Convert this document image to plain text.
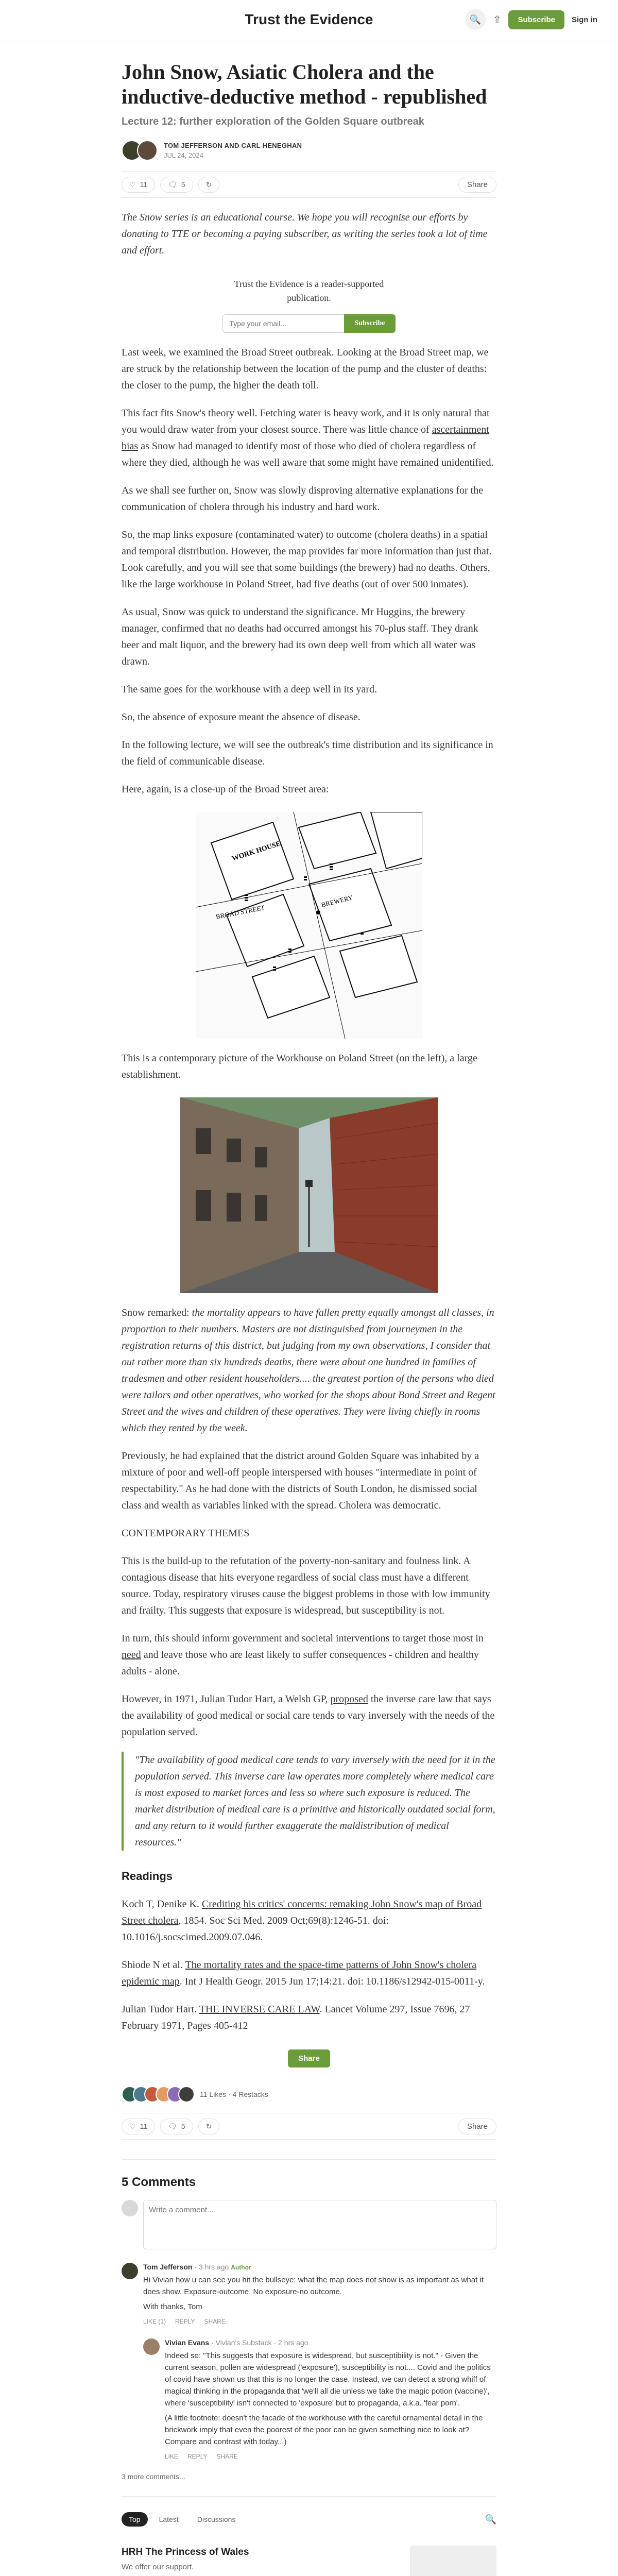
Trust the Evidence	🔍	⇧	Subscribe	Sign in
John Snow, Asiatic Cholera and the inductive-deductive method - republished
Lecture 12: further exploration of the Golden Square outbreak
TOM JEFFERSON AND CARL HENEGHAN
JUL 24, 2024
♡ 11	🗨 5	↻	Share

The Snow series is an educational course. We hope you will recognise our efforts by donating to TTE or becoming a paying subscriber, as writing the series took a lot of time and effort.

Trust the Evidence is a reader-supported publication.
Type your email...
Subscribe

Last week, we examined the Broad Street outbreak. Looking at the Broad Street map, we are struck by the relationship between the location of the pump and the cluster of deaths: the closer to the pump, the higher the death toll.

This fact fits Snow's theory well. Fetching water is heavy work, and it is only natural that you would draw water from your closest source. There was little chance of ascertainment bias as Snow had managed to identify most of those who died of cholera regardless of where they died, although he was well aware that some might have remained unidentified.

As we shall see further on, Snow was slowly disproving alternative explanations for the communication of cholera through his industry and hard work.

So, the map links exposure (contaminated water) to outcome (cholera deaths) in a spatial and temporal distribution. However, the map provides far more information than just that. Look carefully, and you will see that some buildings (the brewery) had no deaths. Others, like the large workhouse in Poland Street, had five deaths (out of over 500 inmates).

As usual, Snow was quick to understand the significance. Mr Huggins, the brewery manager, confirmed that no deaths had occurred amongst his 70-plus staff. They drank beer and malt liquor, and the brewery had its own deep well from which all water was drawn.

The same goes for the workhouse with a deep well in its yard.

So, the absence of exposure meant the absence of disease.

In the following lecture, we will see the outbreak's time distribution and its significance in the field of communicable disease.

Here, again, is a close-up of the Broad Street area:

WORK HOUSE
BROAD STREET
BREWERY

This is a contemporary picture of the Workhouse on Poland Street (on the left), a large establishment.

Snow remarked: the mortality appears to have fallen pretty equally amongst all classes, in proportion to their numbers. Masters are not distinguished from journeymen in the registration returns of this district, but judging from my own observations, I consider that out rather more than six hundreds deaths, there were about one hundred in families of tradesmen and other resident householders.... the greatest portion of the persons who died were tailors and other operatives, who worked for the shops about Bond Street and Regent Street and the wives and children of these operatives. They were living chiefly in rooms which they rented by the week.

Previously, he had explained that the district around Golden Square was inhabited by a mixture of poor and well-off people interspersed with houses "intermediate in point of respectability." As he had done with the districts of South London, he dismissed social class and wealth as variables linked with the spread. Cholera was democratic.

CONTEMPORARY THEMES

This is the build-up to the refutation of the poverty-non-sanitary and foulness link. A contagious disease that hits everyone regardless of social class must have a different source. Today, respiratory viruses cause the biggest problems in those with low immunity and frailty. This suggests that exposure is widespread, but susceptibility is not.

In turn, this should inform government and societal interventions to target those most in need and leave those who are least likely to suffer consequences - children and healthy adults - alone.

However, in 1971, Julian Tudor Hart, a Welsh GP, proposed the inverse care law that says the availability of good medical or social care tends to vary inversely with the needs of the population served.

"The availability of good medical care tends to vary inversely with the need for it in the population served. This inverse care law operates more completely where medical care is most exposed to market forces and less so where such exposure is reduced. The market distribution of medical care is a primitive and historically outdated social form, and any return to it would further exaggerate the maldistribution of medical resources."

Readings

Koch T, Denike K. Crediting his critics' concerns: remaking John Snow's map of Broad Street cholera, 1854. Soc Sci Med. 2009 Oct;69(8):1246-51. doi: 10.1016/j.socscimed.2009.07.046.

Shiode N et al. The mortality rates and the space-time patterns of John Snow's cholera epidemic map. Int J Health Geogr. 2015 Jun 17;14:21. doi: 10.1186/s12942-015-0011-y.

Julian Tudor Hart. THE INVERSE CARE LAW. Lancet Volume 297, Issue 7696, 27 February 1971, Pages 405-412

Share
11 Likes · 4 Restacks
♡ 11	🗨 5	↻	Share
5 Comments
Write a comment...
Tom Jefferson · 3 hrs ago Author
Hi Vivian how u can see you hit the bullseye: what the map does not show is as important as what it does show. Exposure-outcome. No exposure-no outcome.
With thanks, Tom
LIKE (1) REPLY SHARE
Vivian Evans · Vivian's Substack · 2 hrs ago
Indeed so: "This suggests that exposure is widespread, but susceptibility is not." - Given the current season, pollen are widespread ('exposure'), susceptibility is not.... Covid and the politics of covid have shown us that this is no longer the case. Instead, we can detect a strong whiff of magical thinking in the propaganda that 'we'll all die unless we take the magic potion (vaccine)', where 'susceptibility' isn't connected to 'exposure' but to propaganda, a.k.a. 'fear porn'.
(A little footnote: doesn't the facade of the workhouse with the careful ornamental detail in the brickwork imply that even the poorest of the poor can be given something nice to look at? Compare and contrast with today...)
LIKE REPLY SHARE
3 more comments...
Top	Latest	Discussions	🔍
HRH The Princess of Wales
We offer our support.
